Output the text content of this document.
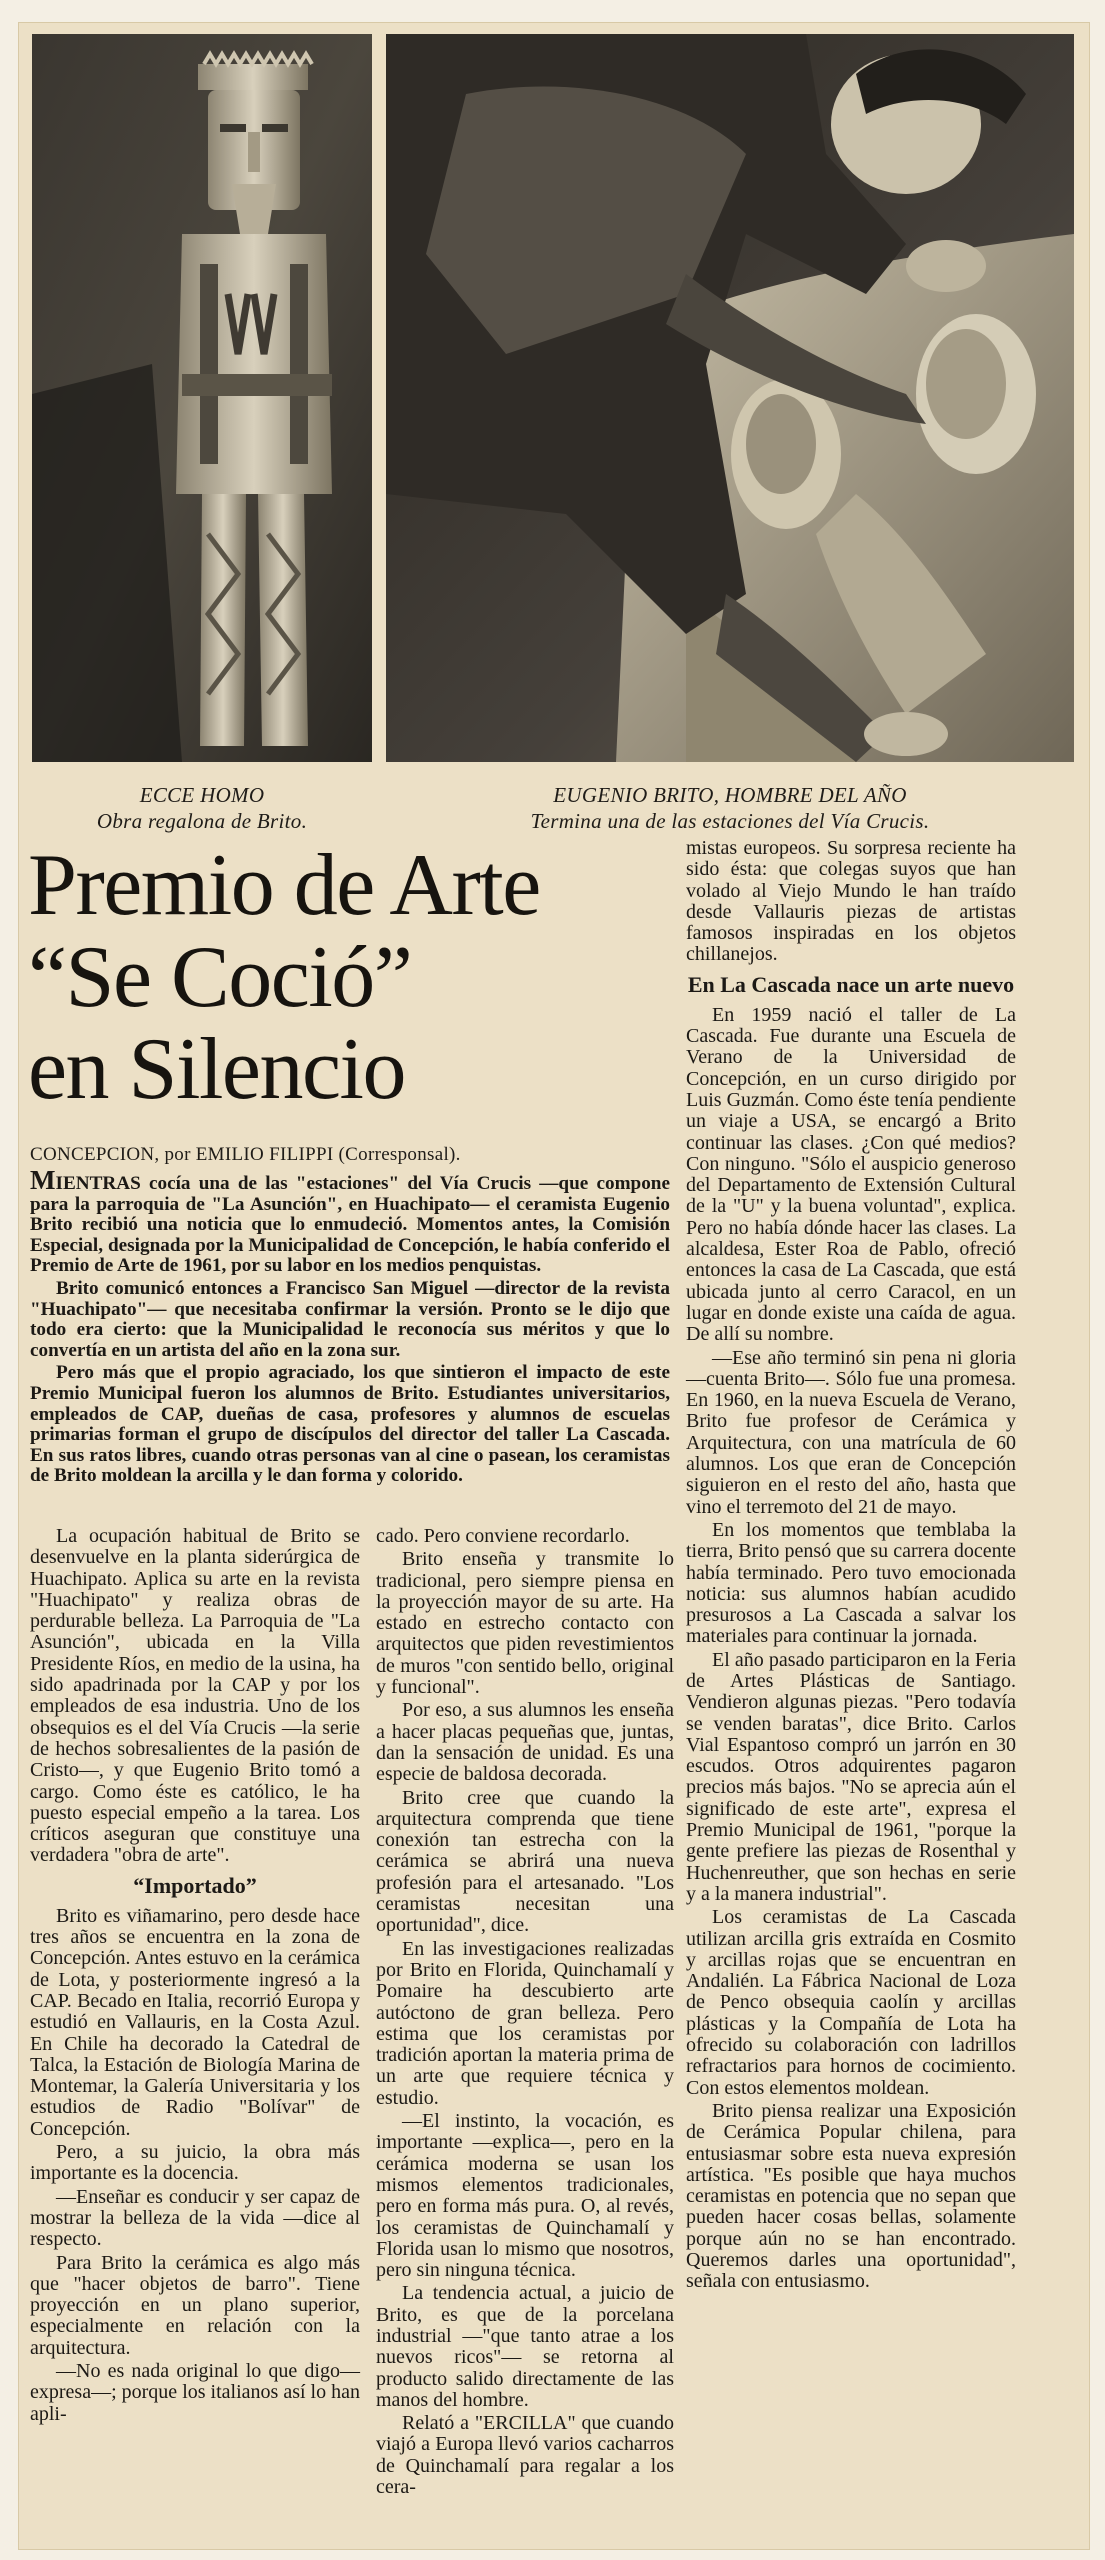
ECCE HOMO
Obra regalona de Brito.
EUGENIO BRITO, HOMBRE DEL AÑO
Termina una de las estaciones del Vía Crucis.
Premio de Arte
“Se Coció”
en Silencio
CONCEPCION, por EMILIO FILIPPI (Corresponsal).

MIENTRAS cocía una de las "estaciones" del Vía Crucis —que compone para la parroquia de "La Asunción", en Huachipato— el ceramista Eugenio Brito recibió una noticia que lo enmudeció. Momentos antes, la Comisión Especial, designada por la Municipalidad de Concepción, le había conferido el Premio de Arte de 1961, por su labor en los medios penquistas.

Brito comunicó entonces a Francisco San Miguel —director de la revista "Huachipato"— que necesitaba confirmar la versión. Pronto se le dijo que todo era cierto: que la Municipalidad le reconocía sus méritos y que lo convertía en un artista del año en la zona sur.

Pero más que el propio agraciado, los que sintieron el impacto de este Premio Municipal fueron los alumnos de Brito. Estudiantes universitarios, empleados de CAP, dueñas de casa, profesores y alumnos de escuelas primarias forman el grupo de discípulos del director del taller La Cascada. En sus ratos libres, cuando otras personas van al cine o pasean, los ceramistas de Brito moldean la arcilla y le dan forma y colorido.

La ocupación habitual de Brito se desenvuelve en la planta siderúrgica de Huachipato. Aplica su arte en la revista "Huachipato" y realiza obras de perdurable belleza. La Parroquia de "La Asunción", ubicada en la Villa Presidente Ríos, en medio de la usina, ha sido apadrinada por la CAP y por los empleados de esa industria. Uno de los obsequios es el del Vía Crucis —la serie de hechos sobresalientes de la pasión de Cristo—, y que Eugenio Brito tomó a cargo. Como éste es católico, le ha puesto especial empeño a la tarea. Los críticos aseguran que constituye una verdadera "obra de arte".

“Importado”

Brito es viñamarino, pero desde hace tres años se encuentra en la zona de Concepción. Antes estuvo en la cerámica de Lota, y posteriormente ingresó a la CAP. Becado en Italia, recorrió Europa y estudió en Vallauris, en la Costa Azul. En Chile ha decorado la Catedral de Talca, la Estación de Biología Marina de Montemar, la Galería Universitaria y los estudios de Radio "Bolívar" de Concepción.

Pero, a su juicio, la obra más importante es la docencia.

—Enseñar es conducir y ser capaz de mostrar la belleza de la vida —dice al respecto.

Para Brito la cerámica es algo más que "hacer objetos de barro". Tiene proyección en un plano superior, especialmente en relación con la arquitectura.

—No es nada original lo que digo— expresa—; porque los italianos así lo han apli-

cado. Pero conviene recordarlo.

Brito enseña y transmite lo tradicional, pero siempre piensa en la proyección mayor de su arte. Ha estado en estrecho contacto con arquitectos que piden revestimientos de muros "con sentido bello, original y funcional".

Por eso, a sus alumnos les enseña a hacer placas pequeñas que, juntas, dan la sensación de unidad. Es una especie de baldosa decorada.

Brito cree que cuando la arquitectura comprenda que tiene conexión tan estrecha con la cerámica se abrirá una nueva profesión para el artesanado. "Los ceramistas necesitan una oportunidad", dice.

En las investigaciones realizadas por Brito en Florida, Quinchamalí y Pomaire ha descubierto arte autóctono de gran belleza. Pero estima que los ceramistas por tradición aportan la materia prima de un arte que requiere técnica y estudio.

—El instinto, la vocación, es importante —explica—, pero en la cerámica moderna se usan los mismos elementos tradicionales, pero en forma más pura. O, al revés, los ceramistas de Quinchamalí y Florida usan lo mismo que nosotros, pero sin ninguna técnica.

La tendencia actual, a juicio de Brito, es que de la porcelana industrial —"que tanto atrae a los nuevos ricos"— se retorna al producto salido directamente de las manos del hombre.

Relató a "ERCILLA" que cuando viajó a Europa llevó varios cacharros de Quinchamalí para regalar a los cera-

mistas europeos. Su sorpresa reciente ha sido ésta: que colegas suyos que han volado al Viejo Mundo le han traído desde Vallauris piezas de artistas famosos inspiradas en los objetos chillanejos.

En La Cascada nace un arte nuevo

En 1959 nació el taller de La Cascada. Fue durante una Escuela de Verano de la Universidad de Concepción, en un curso dirigido por Luis Guzmán. Como éste tenía pendiente un viaje a USA, se encargó a Brito continuar las clases. ¿Con qué medios? Con ninguno. "Sólo el auspicio generoso del Departamento de Extensión Cultural de la "U" y la buena voluntad", explica. Pero no había dónde hacer las clases. La alcaldesa, Ester Roa de Pablo, ofreció entonces la casa de La Cascada, que está ubicada junto al cerro Caracol, en un lugar en donde existe una caída de agua. De allí su nombre.

—Ese año terminó sin pena ni gloria —cuenta Brito—. Sólo fue una promesa. En 1960, en la nueva Escuela de Verano, Brito fue profesor de Cerámica y Arquitectura, con una matrícula de 60 alumnos. Los que eran de Concepción siguieron en el resto del año, hasta que vino el terremoto del 21 de mayo.

En los momentos que temblaba la tierra, Brito pensó que su carrera docente había terminado. Pero tuvo emocionada noticia: sus alumnos habían acudido presurosos a La Cascada a salvar los materiales para continuar la jornada.

El año pasado participaron en la Feria de Artes Plásticas de Santiago. Vendieron algunas piezas. "Pero todavía se venden baratas", dice Brito. Carlos Vial Espantoso compró un jarrón en 30 escudos. Otros adquirentes pagaron precios más bajos. "No se aprecia aún el significado de este arte", expresa el Premio Municipal de 1961, "porque la gente prefiere las piezas de Rosenthal y Huchenreuther, que son hechas en serie y a la manera industrial".

Los ceramistas de La Cascada utilizan arcilla gris extraída en Cosmito y arcillas rojas que se encuentran en Andalién. La Fábrica Nacional de Loza de Penco obsequia caolín y arcillas plásticas y la Compañía de Lota ha ofrecido su colaboración con ladrillos refractarios para hornos de cocimiento. Con estos elementos moldean.

Brito piensa realizar una Exposición de Cerámica Popular chilena, para entusiasmar sobre esta nueva expresión artística. "Es posible que haya muchos ceramistas en potencia que no sepan que pueden hacer cosas bellas, solamente porque aún no se han encontrado. Queremos darles una oportunidad", señala con entusiasmo.
